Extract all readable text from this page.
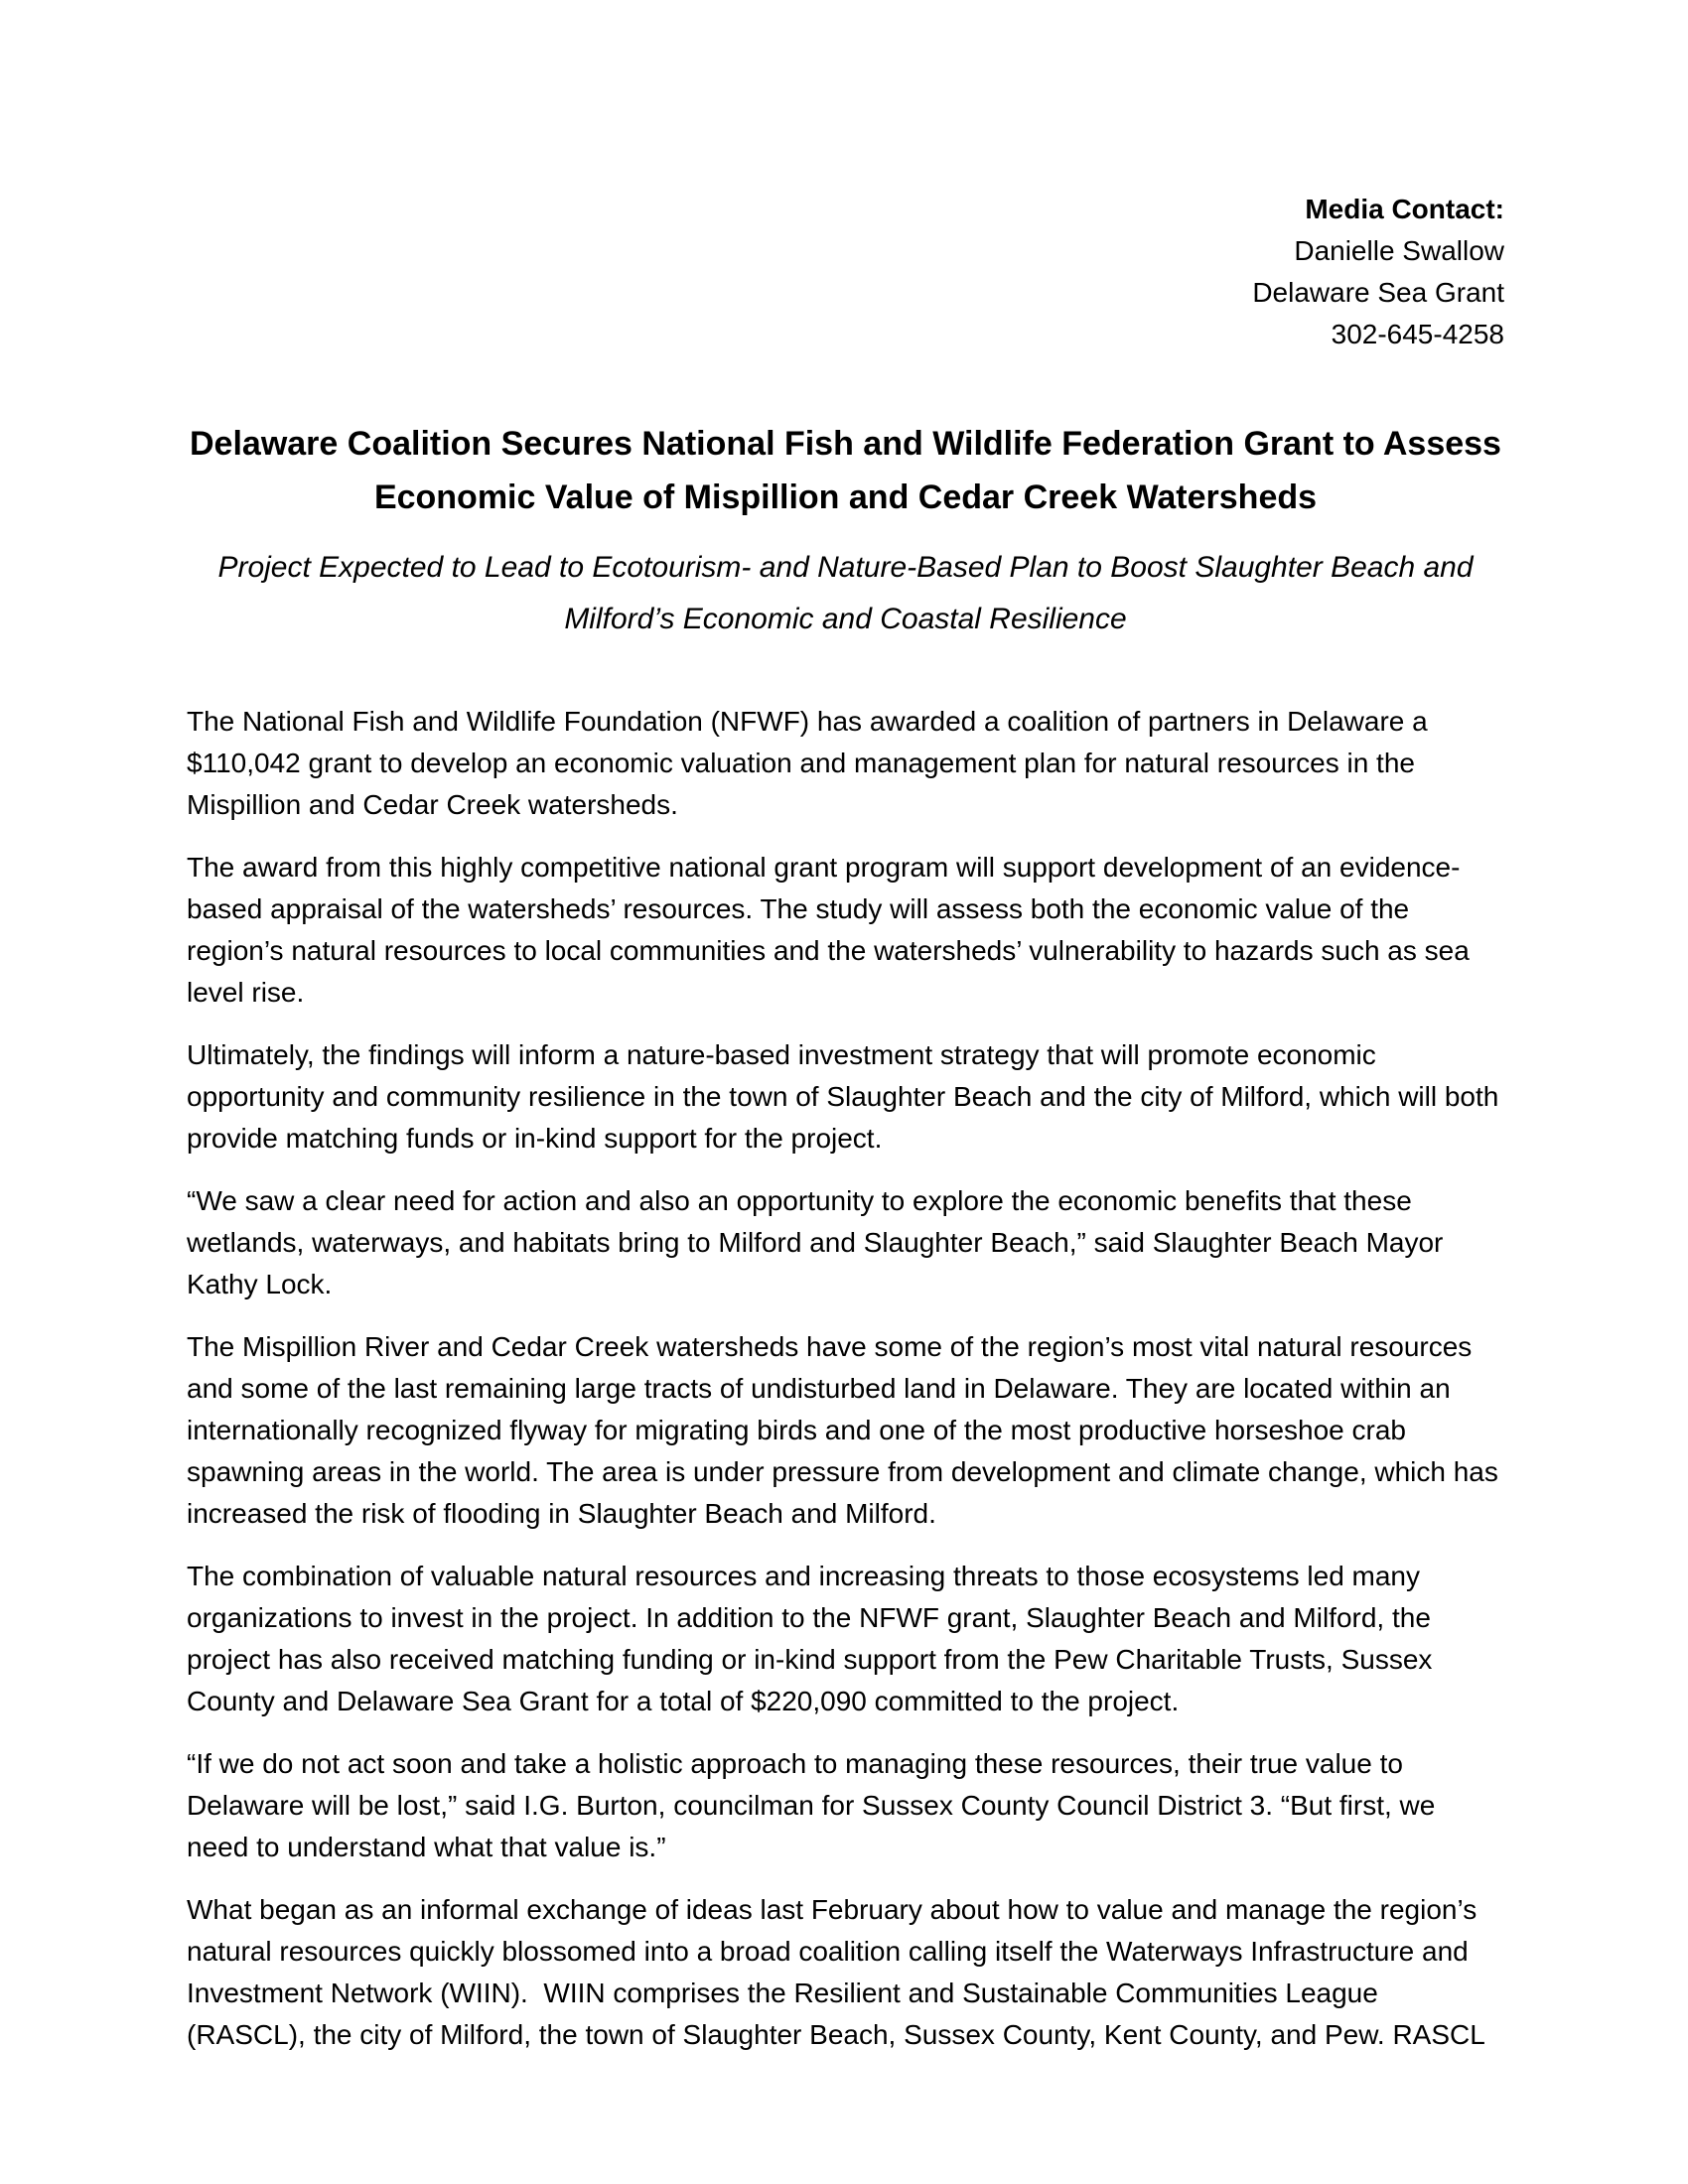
Media Contact:
Danielle Swallow
Delaware Sea Grant
302-645-4258
Delaware Coalition Secures National Fish and Wildlife Federation Grant to Assess Economic Value of Mispillion and Cedar Creek Watersheds
Project Expected to Lead to Ecotourism- and Nature-Based Plan to Boost Slaughter Beach and Milford’s Economic and Coastal Resilience

The National Fish and Wildlife Foundation (NFWF) has awarded a coalition of partners in Delaware a $110,042 grant to develop an economic valuation and management plan for natural resources in the Mispillion and Cedar Creek watersheds.

The award from this highly competitive national grant program will support development of an evidence-based appraisal of the watersheds’ resources. The study will assess both the economic value of the region’s natural resources to local communities and the watersheds’ vulnerability to hazards such as sea level rise.

Ultimately, the findings will inform a nature-based investment strategy that will promote economic opportunity and community resilience in the town of Slaughter Beach and the city of Milford, which will both provide matching funds or in-kind support for the project.

“We saw a clear need for action and also an opportunity to explore the economic benefits that these wetlands, waterways, and habitats bring to Milford and Slaughter Beach,” said Slaughter Beach Mayor Kathy Lock.

The Mispillion River and Cedar Creek watersheds have some of the region’s most vital natural resources and some of the last remaining large tracts of undisturbed land in Delaware. They are located within an internationally recognized flyway for migrating birds and one of the most productive horseshoe crab spawning areas in the world. The area is under pressure from development and climate change, which has increased the risk of flooding in Slaughter Beach and Milford.

The combination of valuable natural resources and increasing threats to those ecosystems led many organizations to invest in the project. In addition to the NFWF grant, Slaughter Beach and Milford, the project has also received matching funding or in-kind support from the Pew Charitable Trusts, Sussex County and Delaware Sea Grant for a total of $220,090 committed to the project.

“If we do not act soon and take a holistic approach to managing these resources, their true value to Delaware will be lost,” said I.G. Burton, councilman for Sussex County Council District 3. “But first, we need to understand what that value is.”

What began as an informal exchange of ideas last February about how to value and manage the region’s natural resources quickly blossomed into a broad coalition calling itself the Waterways Infrastructure and Investment Network (WIIN).  WIIN comprises the Resilient and Sustainable Communities League (RASCL), the city of Milford, the town of Slaughter Beach, Sussex County, Kent County, and Pew. RASCL
